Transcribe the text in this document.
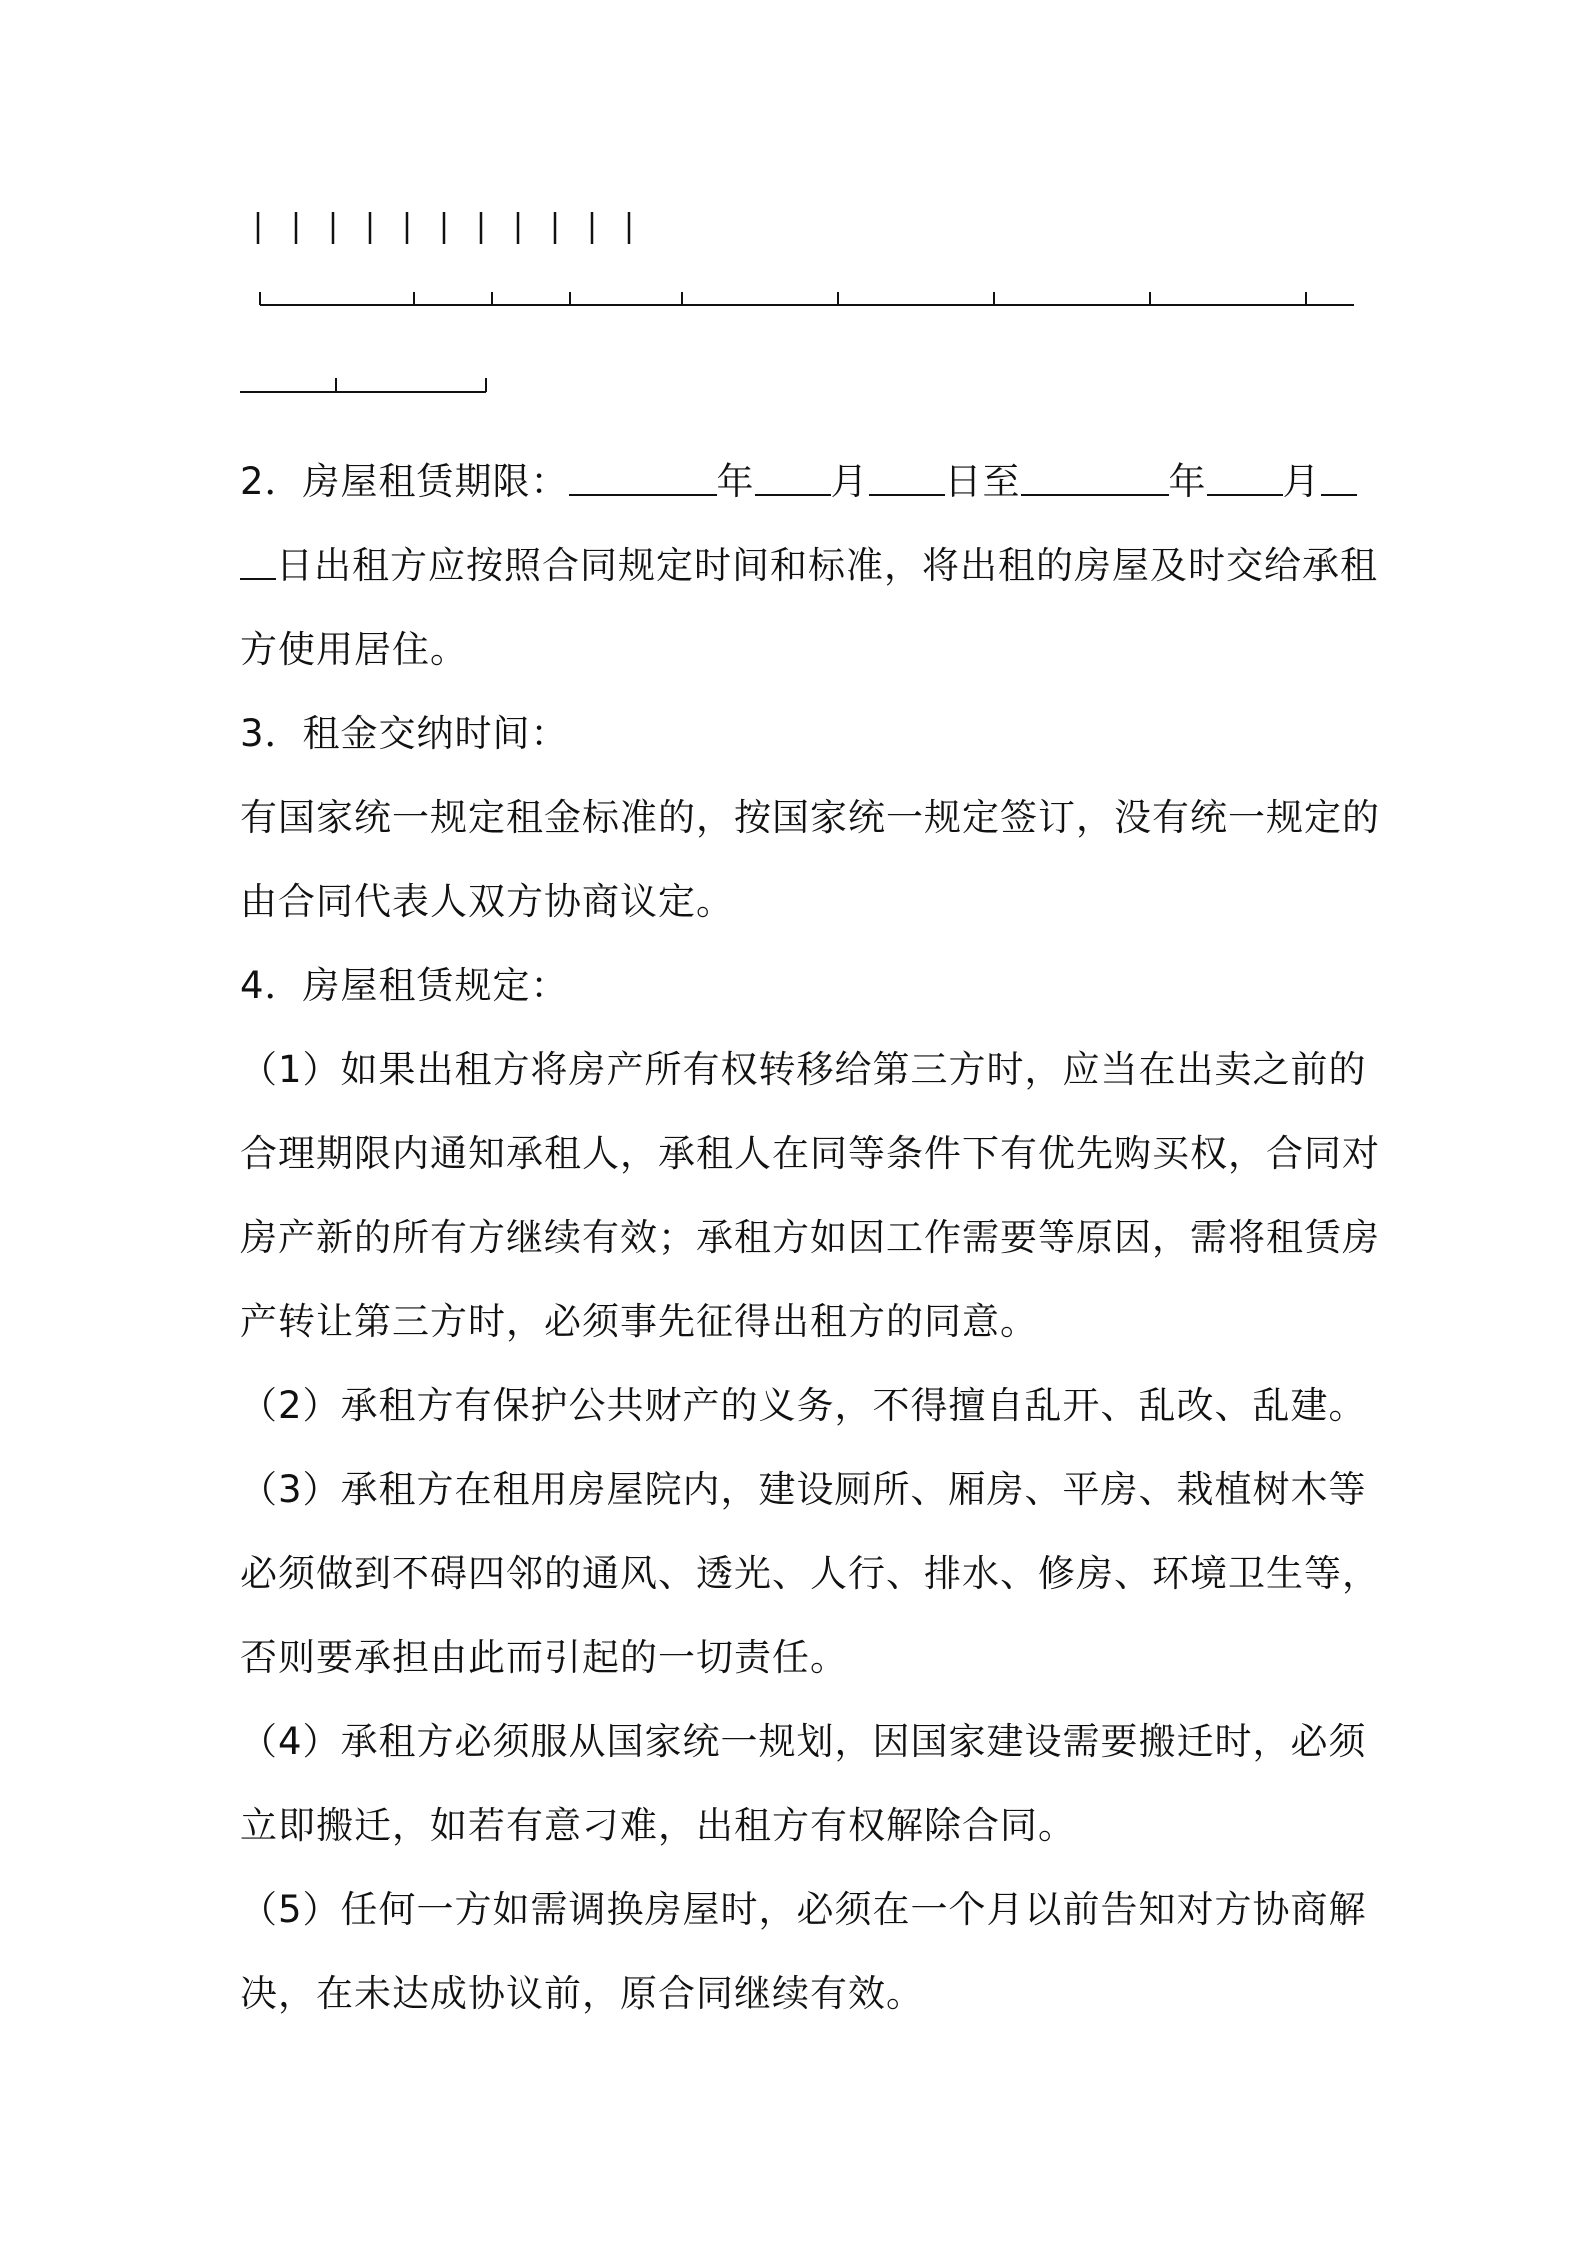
2．房屋租赁期限：	年 月 日至	年 月
日出租方应按照合同规定时间和标准，将出租的房屋及时交给承租
方使用居住。
3．租金交纳时间：
有国家统一规定租金标准的，按国家统一规定签订，没有统一规定的
由合同代表人双方协商议定。
4．房屋租赁规定：
（1）如果出租方将房产所有权转移给第三方时，应当在出卖之前的
合理期限内通知承租人，承租人在同等条件下有优先购买权，合同对
房产新的所有方继续有效；承租方如因工作需要等原因，需将租赁房
产转让第三方时，必须事先征得出租方的同意。
（2）承租方有保护公共财产的义务，不得擅自乱开、乱改、乱建。
（3）承租方在租用房屋院内，建设厕所、厢房、平房、栽植树木等
必须做到不碍四邻的通风、透光、人行、排水、修房、环境卫生等，
否则要承担由此而引起的一切责任。
（4）承租方必须服从国家统一规划，因国家建设需要搬迁时，必须
立即搬迁，如若有意刁难，出租方有权解除合同。
（5）任何一方如需调换房屋时，必须在一个月以前告知对方协商解
决，在未达成协议前，原合同继续有效。
